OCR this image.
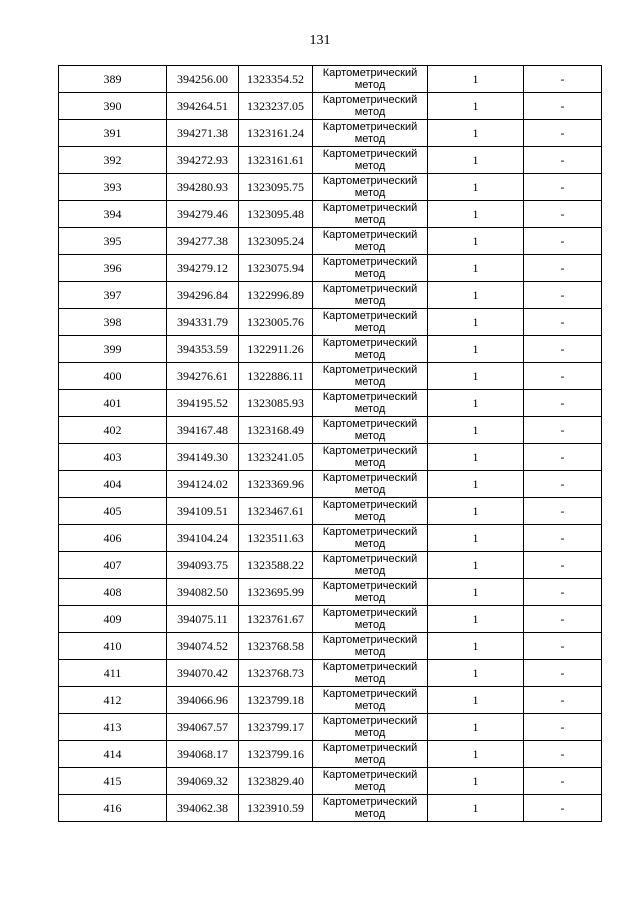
131
389	394256.00	1323354.52	Картометрический метод	1	-
390	394264.51	1323237.05	Картометрический метод	1	-
391	394271.38	1323161.24	Картометрический метод	1	-
392	394272.93	1323161.61	Картометрический метод	1	-
393	394280.93	1323095.75	Картометрический метод	1	-
394	394279.46	1323095.48	Картометрический метод	1	-
395	394277.38	1323095.24	Картометрический метод	1	-
396	394279.12	1323075.94	Картометрический метод	1	-
397	394296.84	1322996.89	Картометрический метод	1	-
398	394331.79	1323005.76	Картометрический метод	1	-
399	394353.59	1322911.26	Картометрический метод	1	-
400	394276.61	1322886.11	Картометрический метод	1	-
401	394195.52	1323085.93	Картометрический метод	1	-
402	394167.48	1323168.49	Картометрический метод	1	-
403	394149.30	1323241.05	Картометрический метод	1	-
404	394124.02	1323369.96	Картометрический метод	1	-
405	394109.51	1323467.61	Картометрический метод	1	-
406	394104.24	1323511.63	Картометрический метод	1	-
407	394093.75	1323588.22	Картометрический метод	1	-
408	394082.50	1323695.99	Картометрический метод	1	-
409	394075.11	1323761.67	Картометрический метод	1	-
410	394074.52	1323768.58	Картометрический метод	1	-
411	394070.42	1323768.73	Картометрический метод	1	-
412	394066.96	1323799.18	Картометрический метод	1	-
413	394067.57	1323799.17	Картометрический метод	1	-
414	394068.17	1323799.16	Картометрический метод	1	-
415	394069.32	1323829.40	Картометрический метод	1	-
416	394062.38	1323910.59	Картометрический метод	1	-
